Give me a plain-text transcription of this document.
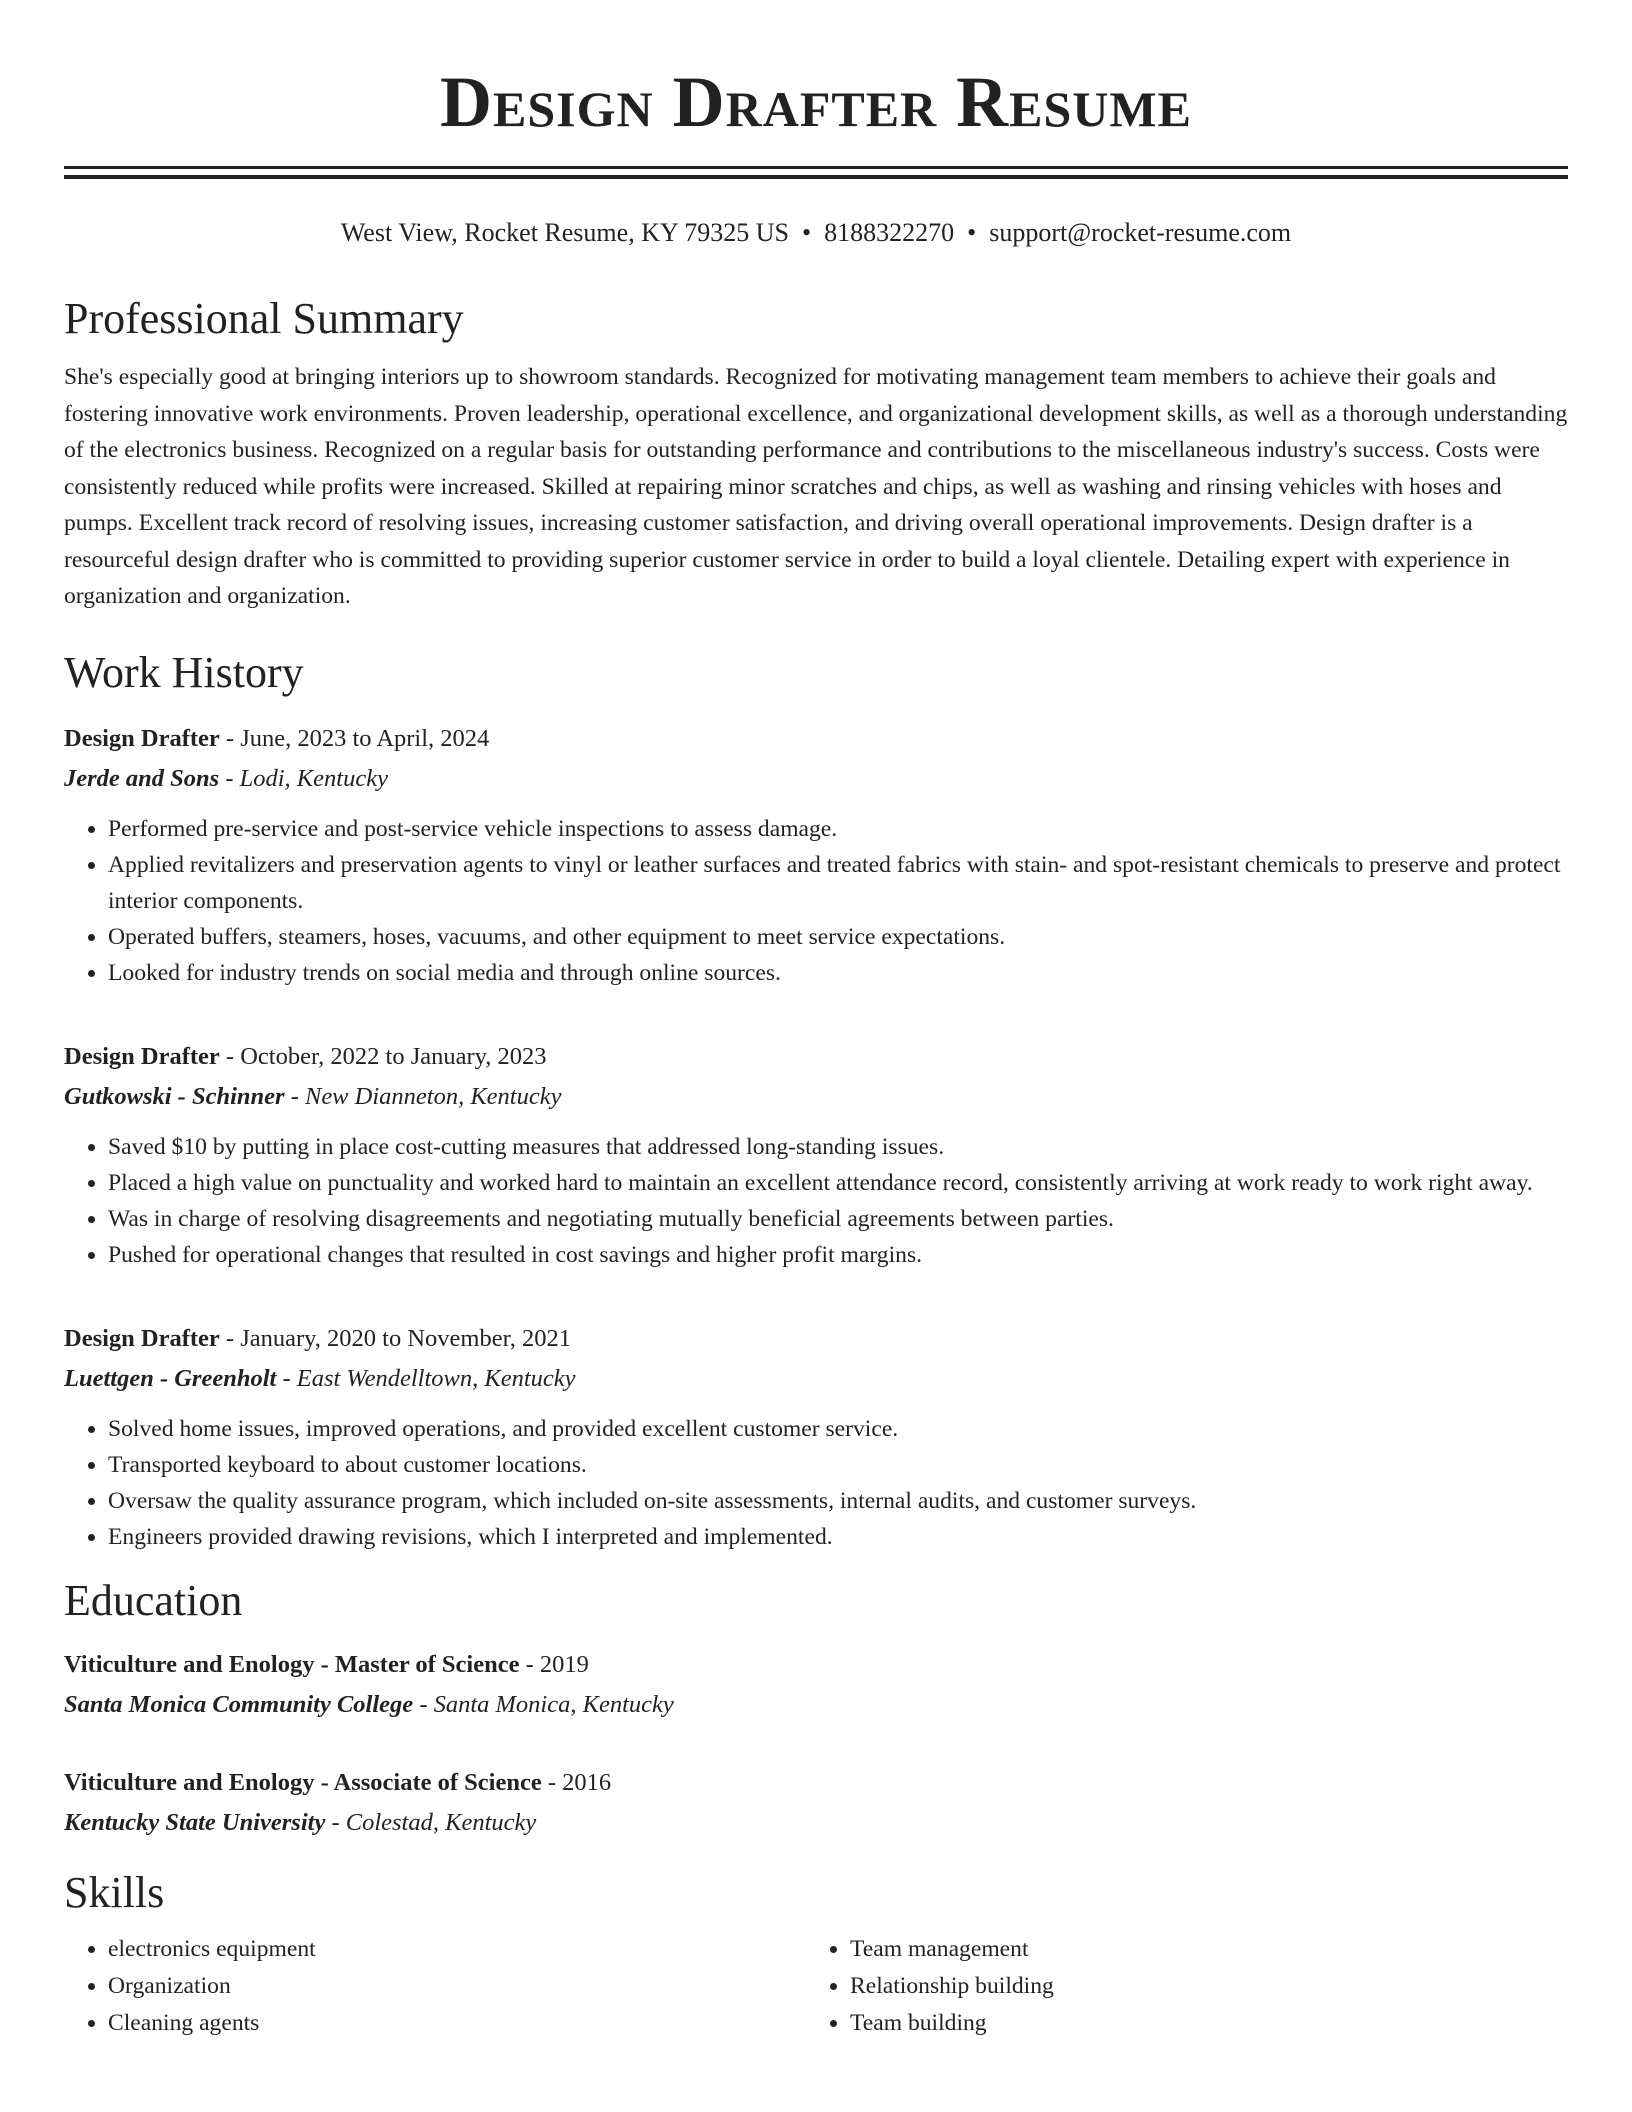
Design Drafter Resume
West View, Rocket Resume, KY 79325 US • 8188322270 • support@rocket-resume.com
Professional Summary
She's especially good at bringing interiors up to showroom standards. Recognized for motivating management team members to achieve their goals and fostering innovative work environments. Proven leadership, operational excellence, and organizational development skills, as well as a thorough understanding of the electronics business. Recognized on a regular basis for outstanding performance and contributions to the miscellaneous industry's success. Costs were consistently reduced while profits were increased. Skilled at repairing minor scratches and chips, as well as washing and rinsing vehicles with hoses and pumps. Excellent track record of resolving issues, increasing customer satisfaction, and driving overall operational improvements. Design drafter is a resourceful design drafter who is committed to providing superior customer service in order to build a loyal clientele. Detailing expert with experience in organization and organization.
Work History
Design Drafter - June, 2023 to April, 2024
Jerde and Sons - Lodi, Kentucky
• Performed pre-service and post-service vehicle inspections to assess damage.
• Applied revitalizers and preservation agents to vinyl or leather surfaces and treated fabrics with stain- and spot-resistant chemicals to preserve and protect interior components.
• Operated buffers, steamers, hoses, vacuums, and other equipment to meet service expectations.
• Looked for industry trends on social media and through online sources.
Design Drafter - October, 2022 to January, 2023
Gutkowski - Schinner - New Dianneton, Kentucky
• Saved $10 by putting in place cost-cutting measures that addressed long-standing issues.
• Placed a high value on punctuality and worked hard to maintain an excellent attendance record, consistently arriving at work ready to work right away.
• Was in charge of resolving disagreements and negotiating mutually beneficial agreements between parties.
• Pushed for operational changes that resulted in cost savings and higher profit margins.
Design Drafter - January, 2020 to November, 2021
Luettgen - Greenholt - East Wendelltown, Kentucky
• Solved home issues, improved operations, and provided excellent customer service.
• Transported keyboard to about customer locations.
• Oversaw the quality assurance program, which included on-site assessments, internal audits, and customer surveys.
• Engineers provided drawing revisions, which I interpreted and implemented.
Education
Viticulture and Enology - Master of Science - 2019
Santa Monica Community College - Santa Monica, Kentucky
Viticulture and Enology - Associate of Science - 2016
Kentucky State University - Colestad, Kentucky
Skills
• electronics equipment
• Organization
• Cleaning agents
• Team management
• Relationship building
• Team building
